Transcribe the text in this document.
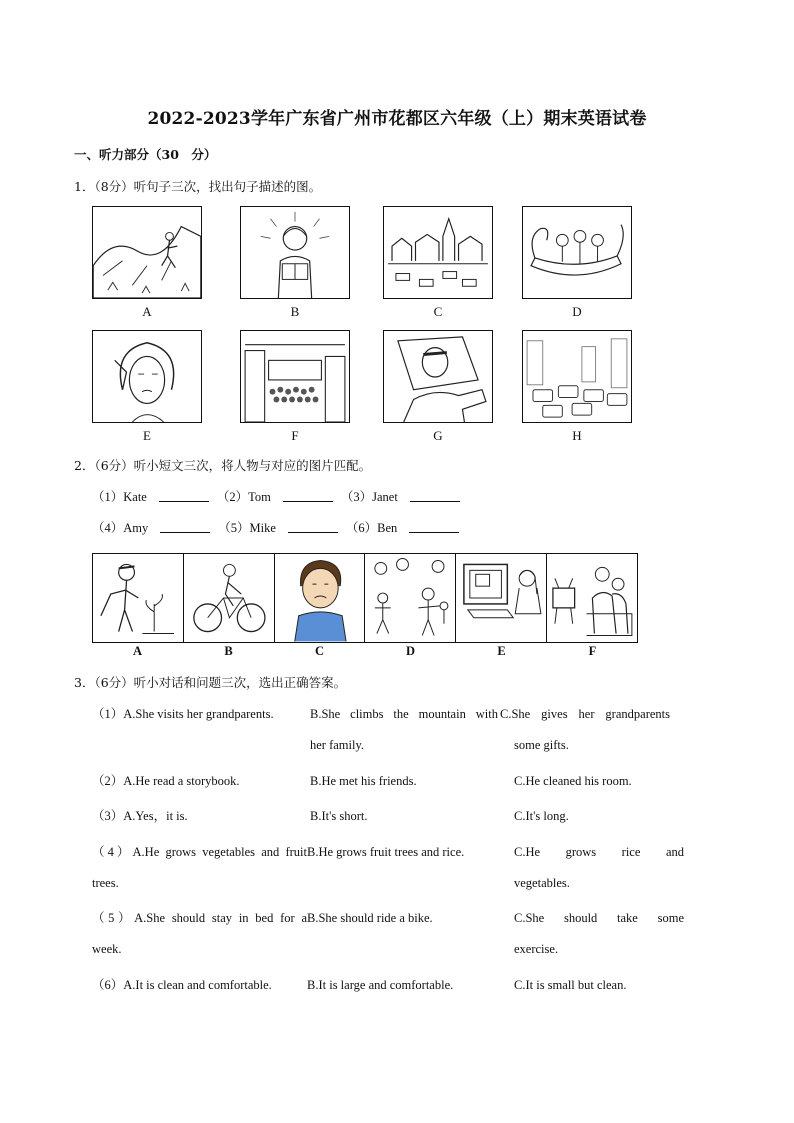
2022-2023学年广东省广州市花都区六年级（上）期末英语试卷
一、听力部分（30　分）
1．（8分）听句子三次，找出句子描述的图。
A	B	C	D
E	F	G	H
2．（6分）听小短文三次，将人物与对应的图片匹配。
（1）Kate	（2）Tom	（3）Janet
（4）Amy	（5）Mike	（6）Ben
A	B	C	D	E	F
3．（6分）听小对话和问题三次，选出正确答案。
（1）A.She visits her grandparents.	B.She climbs the mountain with
her family.
C.She gives her grandparents
some gifts.
（2）A.He read a storybook.	B.He met his friends.	C.He cleaned his room.
（3）A.Yes，it is.	B.It's short.	C.It's long.
（4）A.He grows vegetables and fruit
trees.
B.He grows fruit trees and rice.	C.He grows rice and
vegetables.
（5）A.She should stay in bed for a
week.
B.She should ride a bike.	C.She should take some
exercise.
（6）A.It is clean and comfortable.	B.It is large and comfortable.	C.It is small but clean.
